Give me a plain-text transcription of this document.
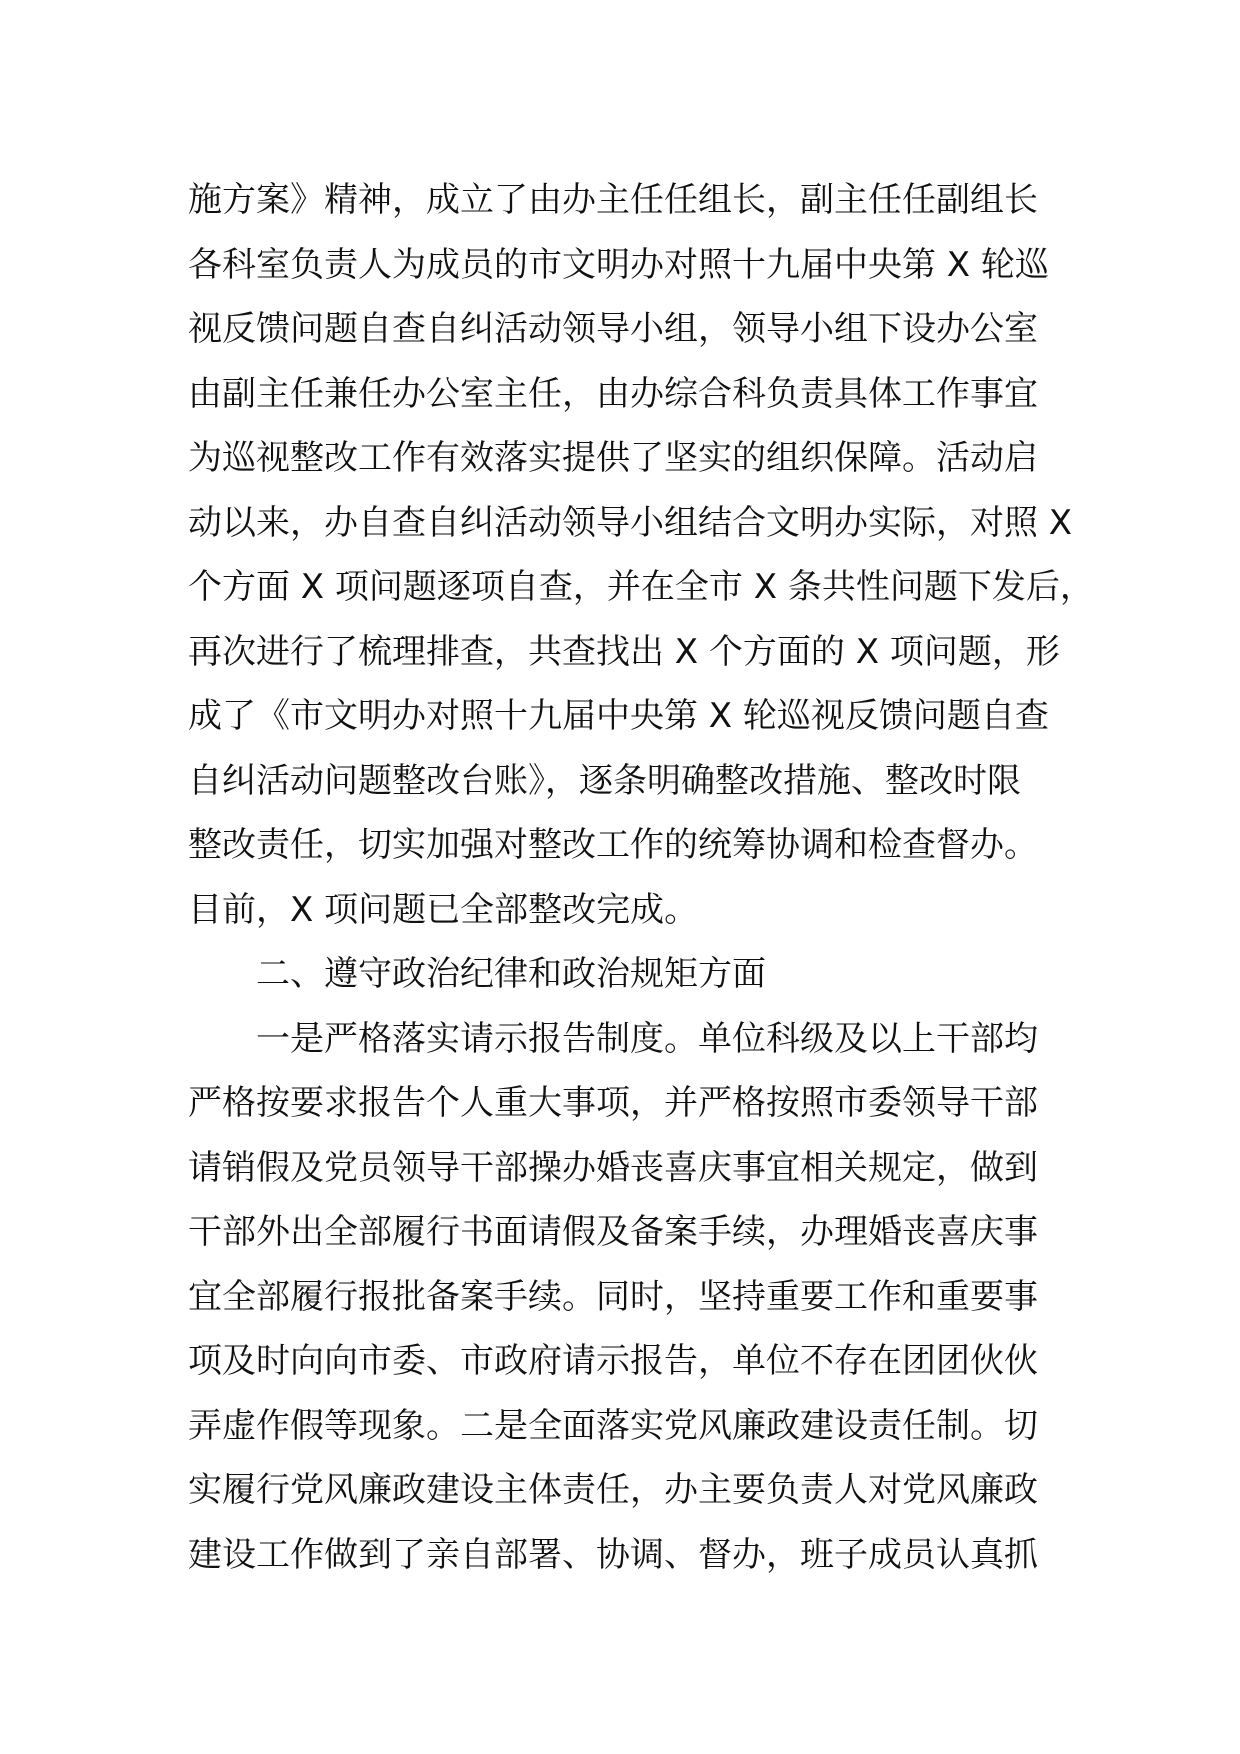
施方案》精神，成立了由办主任任组长，副主任任副组长
各科室负责人为成员的市文明办对照十九届中央第 X 轮巡
视反馈问题自查自纠活动领导小组，领导小组下设办公室
由副主任兼任办公室主任，由办综合科负责具体工作事宜
为巡视整改工作有效落实提供了坚实的组织保障。活动启
动以来，办自查自纠活动领导小组结合文明办实际，对照 X
个方面 X 项问题逐项自查，并在全市 X 条共性问题下发后，
再次进行了梳理排查，共查找出 X 个方面的 X 项问题，形
成了《市文明办对照十九届中央第 X 轮巡视反馈问题自查
自纠活动问题整改台账》，逐条明确整改措施、整改时限
整改责任，切实加强对整改工作的统筹协调和检查督办。
目前，X 项问题已全部整改完成。
二、遵守政治纪律和政治规矩方面
一是严格落实请示报告制度。单位科级及以上干部均
严格按要求报告个人重大事项，并严格按照市委领导干部
请销假及党员领导干部操办婚丧喜庆事宜相关规定，做到
干部外出全部履行书面请假及备案手续，办理婚丧喜庆事
宜全部履行报批备案手续。同时，坚持重要工作和重要事
项及时向向市委、市政府请示报告，单位不存在团团伙伙
弄虚作假等现象。二是全面落实党风廉政建设责任制。切
实履行党风廉政建设主体责任，办主要负责人对党风廉政
建设工作做到了亲自部署、协调、督办，班子成员认真抓
